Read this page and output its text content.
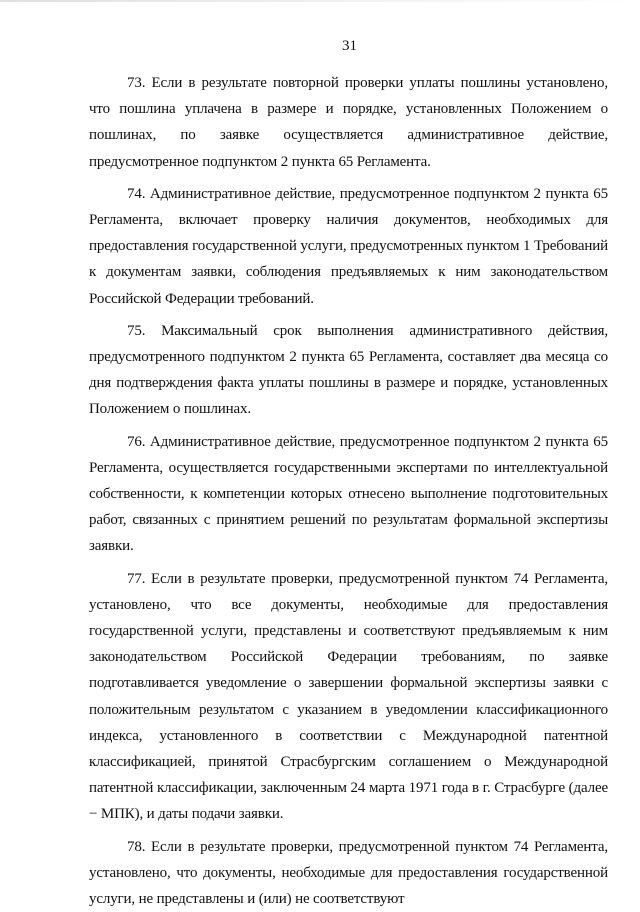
31

73. Если в результате повторной проверки уплаты пошлины установлено, что пошлина уплачена в размере и порядке, установленных Положением о пошлинах, по заявке осуществляется административное действие, предусмотренное подпунктом 2 пункта 65 Регламента.

74. Административное действие, предусмотренное подпунктом 2 пункта 65 Регламента, включает проверку наличия документов, необходимых для предоставления государственной услуги, предусмотренных пунктом 1 Требований к документам заявки, соблюдения предъявляемых к ним законодательством Российской Федерации требований.

75. Максимальный срок выполнения административного действия, предусмотренного подпунктом 2 пункта 65 Регламента, составляет два месяца со дня подтверждения факта уплаты пошлины в размере и порядке, установленных Положением о пошлинах.

76. Административное действие, предусмотренное подпунктом 2 пункта 65 Регламента, осуществляется государственными экспертами по интеллектуальной собственности, к компетенции которых отнесено выполнение подготовительных работ, связанных с принятием решений по результатам формальной экспертизы заявки.

77. Если в результате проверки, предусмотренной пунктом 74 Регламента, установлено, что все документы, необходимые для предоставления государственной услуги, представлены и соответствуют предъявляемым к ним законодательством Российской Федерации требованиям, по заявке подготавливается уведомление о завершении формальной экспертизы заявки с положительным результатом с указанием в уведомлении классификационного индекса, установленного в соответствии с Международной патентной классификацией, принятой Страсбургским соглашением о Международной патентной классификации, заключенным 24 марта 1971 года в г. Страсбурге (далее − МПК), и даты подачи заявки.

78. Если в результате проверки, предусмотренной пунктом 74 Регламента, установлено, что документы, необходимые для предоставления государственной услуги, не представлены и (или) не соответствуют
